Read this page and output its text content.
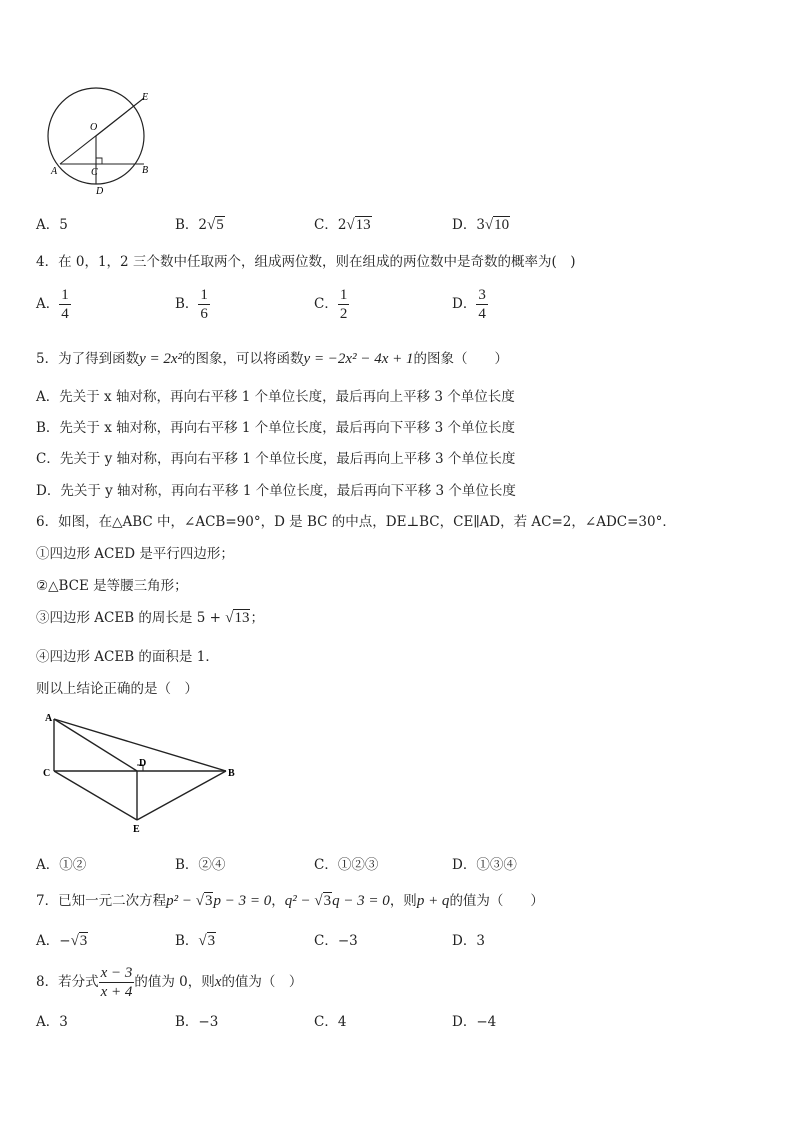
E
O
A	C	B
D
A．5	B．2√5	C．2√13	D．3√10
4．在 0，1，2 三个数中任取两个，组成两位数，则在组成的两位数中是奇数的概率为(　)
A． $\frac{1}{4}$	B． $\frac{1}{6}$	C． $\frac{1}{2}$	D． $\frac{3}{4}$
5．为了得到函数y = 2x²的图象，可以将函数y = −2x² − 4x + 1的图象（　　）
A．先关于 x 轴对称，再向右平移 1 个单位长度，最后再向上平移 3 个单位长度
B．先关于 x 轴对称，再向右平移 1 个单位长度，最后再向下平移 3 个单位长度
C．先关于 y 轴对称，再向右平移 1 个单位长度，最后再向上平移 3 个单位长度
D．先关于 y 轴对称，再向右平移 1 个单位长度，最后再向下平移 3 个单位长度
6．如图，在△ABC 中，∠ACB=90°，D 是 BC 的中点，DE⊥BC，CE∥AD，若 AC=2，∠ADC=30°．
①四边形 ACED 是平行四边形；
②△BCE 是等腰三角形；
③四边形 ACEB 的周长是 5 + √13；
④四边形 ACEB 的面积是 1．
则以上结论正确的是（　）
A
C
D
B
E
A．①②	B．②④	C．①②③	D．①③④
7．已知一元二次方程p² − √3p − 3 = 0，q² − √3q − 3 = 0，则p + q的值为（　　）
A．−√3	B．√3	C．−3	D．3
8．若分式 $\frac{x - 3}{x + 4}$ 的值为 0，则x的值为（　）
A．3	B．−3	C．4	D．−4
